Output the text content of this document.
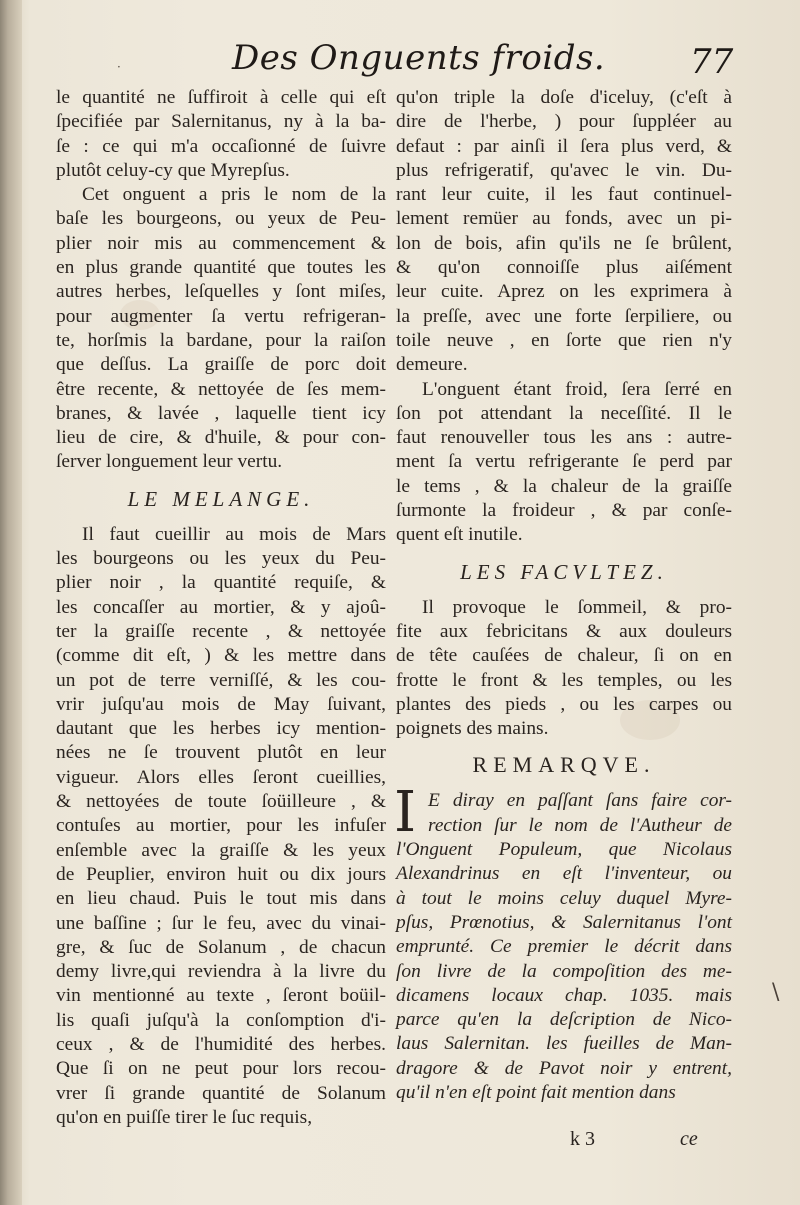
Des Onguents froids. 77
·
le quantité ne ſuffiroit à celle qui eſt
ſpecifiée par Salernitanus, ny à la ba-
ſe : ce qui m'a occaſionné de ſuivre
plutôt celuy-cy que Myrepſus.
Cet onguent a pris le nom de la
baſe les bourgeons, ou yeux de Peu-
plier noir mis au commencement &
en plus grande quantité que toutes les
autres herbes, leſquelles y ſont miſes,
pour augmenter ſa vertu refrigeran-
te, horſmis la bardane, pour la raiſon
que deſſus. La graiſſe de porc doit
être recente, & nettoyée de ſes mem-
branes, & lavée , laquelle tient icy
lieu de cire, & d'huile, & pour con-
ſerver longuement leur vertu.
LE MELANGE.
Il faut cueillir au mois de Mars
les bourgeons ou les yeux du Peu-
plier noir , la quantité requiſe, &
les concaſſer au mortier, & y ajoû-
ter la graiſſe recente , & nettoyée
(comme dit eſt, ) & les mettre dans
un pot de terre verniſſé, & les cou-
vrir juſqu'au mois de May ſuivant,
dautant que les herbes icy mention-
nées ne ſe trouvent plutôt en leur
vigueur. Alors elles ſeront cueillies,
& nettoyées de toute ſoüilleure , &
contuſes au mortier, pour les infuſer
enſemble avec la graiſſe & les yeux
de Peuplier, environ huit ou dix jours
en lieu chaud. Puis le tout mis dans
une baſſine ; ſur le feu, avec du vinai-
gre, & ſuc de Solanum , de chacun
demy livre,qui reviendra à la livre du
vin mentionné au texte , ſeront boüil-
lis quaſi juſqu'à la conſomption d'i-
ceux , & de l'humidité des herbes.
Que ſi on ne peut pour lors recou-
vrer ſi grande quantité de Solanum
qu'on en puiſſe tirer le ſuc requis,
qu'on triple la doſe d'iceluy, (c'eſt à
dire de l'herbe, ) pour ſuppléer au
defaut : par ainſi il ſera plus verd, &
plus refrigeratif, qu'avec le vin. Du-
rant leur cuite, il les faut continuel-
lement remüer au fonds, avec un pi-
lon de bois, afin qu'ils ne ſe brûlent,
& qu'on connoiſſe plus aiſément
leur cuite. Aprez on les exprimera à
la preſſe, avec une forte ſerpiliere, ou
toile neuve , en ſorte que rien n'y
demeure.
L'onguent étant froid, ſera ſerré en
ſon pot attendant la neceſſité. Il le
faut renouveller tous les ans : autre-
ment ſa vertu refrigerante ſe perd par
le tems , & la chaleur de la graiſſe
ſurmonte la froideur , & par conſe-
quent eſt inutile.
LES FACVLTEZ.
Il provoque le ſommeil, & pro-
fite aux febricitans & aux douleurs
de tête cauſées de chaleur, ſi on en
frotte le front & les temples, ou les
plantes des pieds , ou les carpes ou
poignets des mains.
REMARQVE.
I E diray en paſſant ſans faire cor-
rection ſur le nom de l'Autheur de
l'Onguent Populeum, que Nicolaus
Alexandrinus en eſt l'inventeur, ou
à tout le moins celuy duquel Myre-
pſus, Prœnotius, & Salernitanus l'ont
emprunté. Ce premier le décrit dans
ſon livre de la compoſition des me-
dicamens locaux chap. 1035. mais
parce qu'en la deſcription de Nico-
laus Salernitan. les fueilles de Man-
dragore & de Pavot noir y entrent,
qu'il n'en eſt point fait mention dans
k 3	ce
\
